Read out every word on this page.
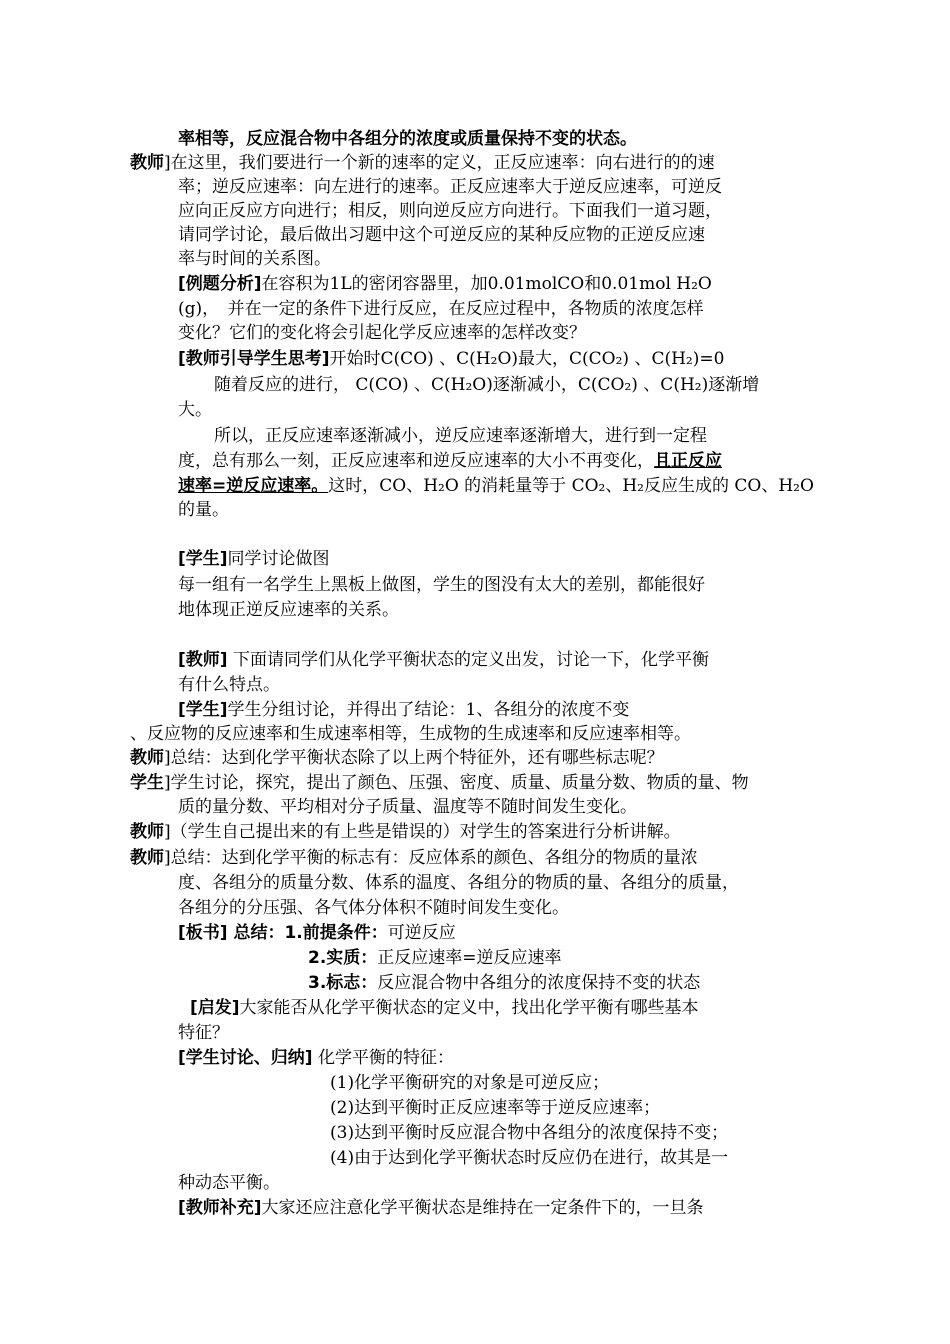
率相等，反应混合物中各组分的浓度或质量保持不变的状态。
教师]在这里，我们要进行一个新的速率的定义，正反应速率：向右进行的的速
率；逆反应速率：向左进行的速率。正反应速率大于逆反应速率，可逆反
应向正反应方向进行；相反，则向逆反应方向进行。下面我们一道习题，
请同学讨论，最后做出习题中这个可逆反应的某种反应物的正逆反应速
率与时间的关系图。
[例题分析]在容积为1L的密闭容器里，加0.01molCO和0.01mol H₂O
(g)，　并在一定的条件下进行反应，在反应过程中，各物质的浓度怎样
变化？它们的变化将会引起化学反应速率的怎样改变？
[教师引导学生思考]开始时C(CO) 、C(H₂O)最大，C(CO₂) 、C(H₂)=0
随着反应的进行， C(CO) 、C(H₂O)逐渐减小，C(CO₂) 、C(H₂)逐渐增
大。
所以，正反应速率逐渐减小，逆反应速率逐渐增大，进行到一定程
度，总有那么一刻，正反应速率和逆反应速率的大小不再变化，且正反应
速率=逆反应速率。这时，CO、H₂O 的消耗量等于 CO₂、H₂反应生成的 CO、H₂O
的量。
[学生]同学讨论做图
每一组有一名学生上黑板上做图，学生的图没有太大的差别，都能很好
地体现正逆反应速率的关系。
[教师] 下面请同学们从化学平衡状态的定义出发，讨论一下，化学平衡
有什么特点。
[学生]学生分组讨论，并得出了结论：1、各组分的浓度不变
、反应物的反应速率和生成速率相等，生成物的生成速率和反应速率相等。
教师]总结：达到化学平衡状态除了以上两个特征外，还有哪些标志呢？
学生]学生讨论，探究，提出了颜色、压强、密度、质量、质量分数、物质的量、物
质的量分数、平均相对分子质量、温度等不随时间发生变化。
教师]（学生自己提出来的有上些是错误的）对学生的答案进行分析讲解。
教师]总结：达到化学平衡的标志有：反应体系的颜色、各组分的物质的量浓
度、各组分的质量分数、体系的温度、各组分的物质的量、各组分的质量，
各组分的分压强、各气体分体积不随时间发生变化。
[板书] 总结：1.前提条件：可逆反应
2.实质：正反应速率=逆反应速率
3.标志：反应混合物中各组分的浓度保持不变的状态
[启发]大家能否从化学平衡状态的定义中，找出化学平衡有哪些基本
特征？
[学生讨论、归纳] 化学平衡的特征：
(1)化学平衡研究的对象是可逆反应；
(2)达到平衡时正反应速率等于逆反应速率；
(3)达到平衡时反应混合物中各组分的浓度保持不变；
(4)由于达到化学平衡状态时反应仍在进行，故其是一
种动态平衡。
[教师补充]大家还应注意化学平衡状态是维持在一定条件下的，一旦条
